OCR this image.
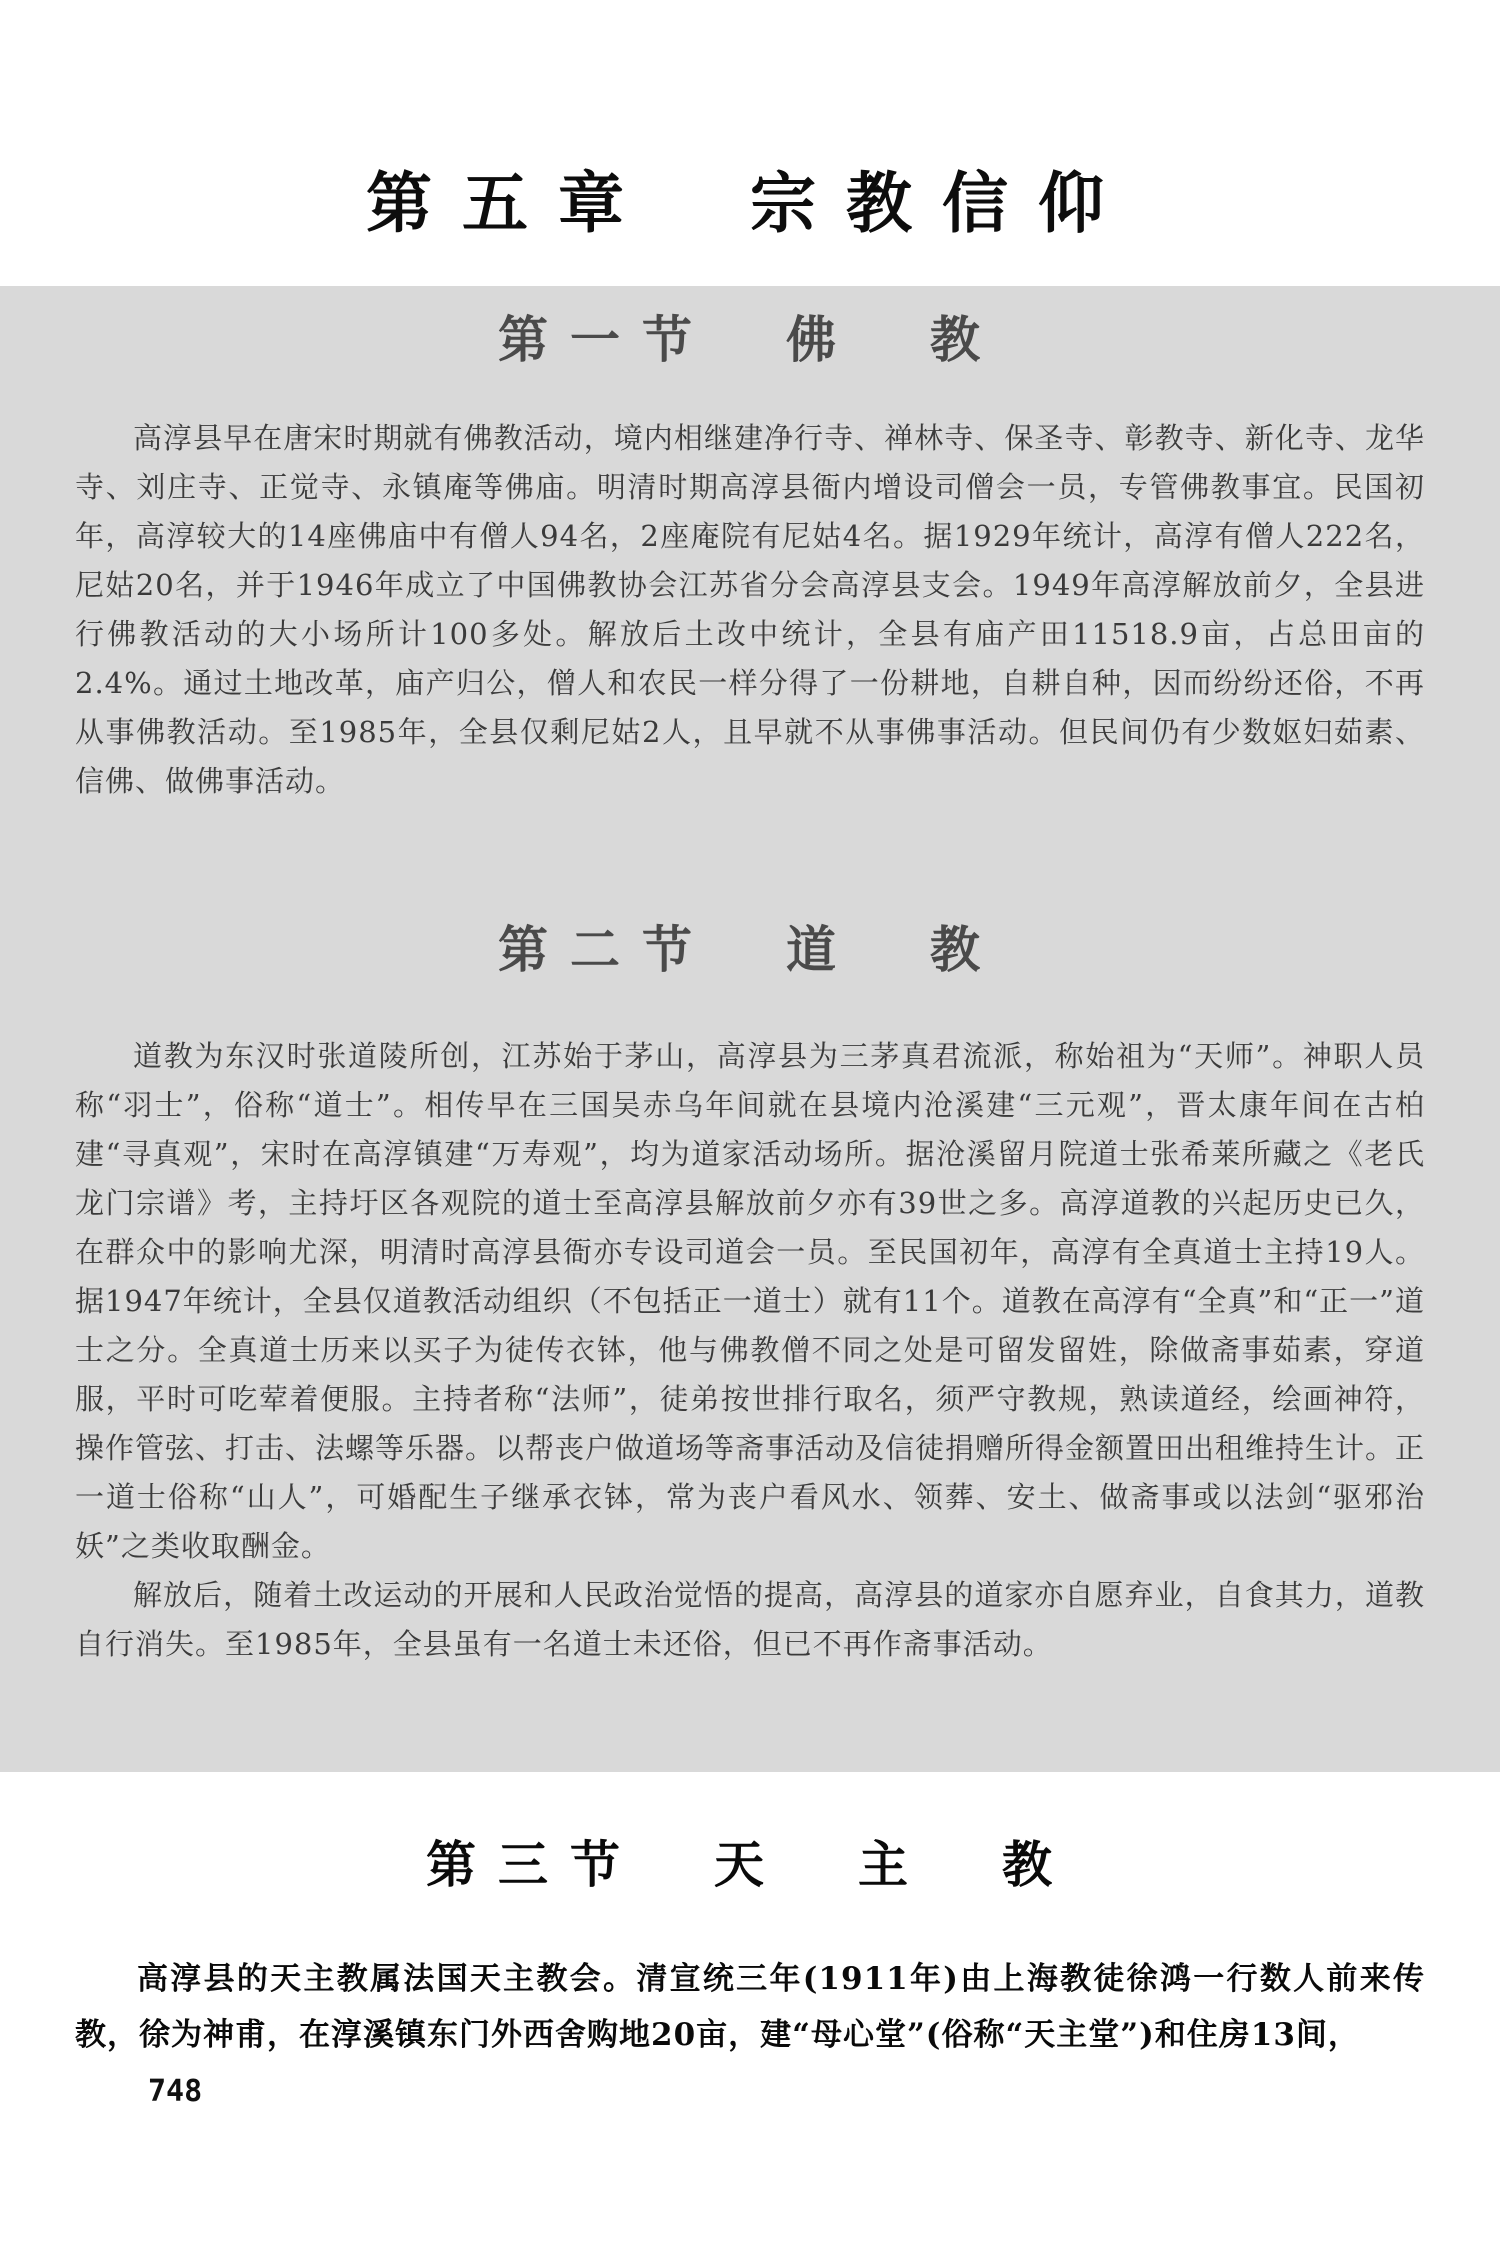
第五章　宗教信仰
第一节　佛　教

高淳县早在唐宋时期就有佛教活动，境内相继建净行寺、禅林寺、保圣寺、彰教寺、新化寺、龙华寺、刘庄寺、正觉寺、永镇庵等佛庙。明清时期高淳县衙内增设司僧会一员，专管佛教事宜。民国初年，高淳较大的14座佛庙中有僧人94名，2座庵院有尼姑4名。据1929年统计，高淳有僧人222名，尼姑20名，并于1946年成立了中国佛教协会江苏省分会高淳县支会。1949年高淳解放前夕，全县进行佛教活动的大小场所计100多处。解放后土改中统计，全县有庙产田11518.9亩，占总田亩的2.4%。通过土地改革，庙产归公，僧人和农民一样分得了一份耕地，自耕自种，因而纷纷还俗，不再从事佛教活动。至1985年，全县仅剩尼姑2人，且早就不从事佛事活动。但民间仍有少数妪妇茹素、信佛、做佛事活动。

第二节　道　教

道教为东汉时张道陵所创，江苏始于茅山，高淳县为三茅真君流派，称始祖为“天师”。神职人员称“羽士”，俗称“道士”。相传早在三国吴赤乌年间就在县境内沧溪建“三元观”，晋太康年间在古柏建“寻真观”，宋时在高淳镇建“万寿观”，均为道家活动场所。据沧溪留月院道士张希莱所藏之《老氏龙门宗谱》考，主持圩区各观院的道士至高淳县解放前夕亦有39世之多。高淳道教的兴起历史已久，在群众中的影响尤深，明清时高淳县衙亦专设司道会一员。至民国初年，高淳有全真道士主持19人。据1947年统计，全县仅道教活动组织（不包括正一道士）就有11个。道教在高淳有“全真”和“正一”道士之分。全真道士历来以买子为徒传衣钵，他与佛教僧不同之处是可留发留姓，除做斋事茹素，穿道服，平时可吃荤着便服。主持者称“法师”，徒弟按世排行取名，须严守教规，熟读道经，绘画神符，操作管弦、打击、法螺等乐器。以帮丧户做道场等斋事活动及信徒捐赠所得金额置田出租维持生计。正一道士俗称“山人”，可婚配生子继承衣钵，常为丧户看风水、领葬、安土、做斋事或以法剑“驱邪治妖”之类收取酬金。

解放后，随着土改运动的开展和人民政治觉悟的提高，高淳县的道家亦自愿弃业，自食其力，道教自行消失。至1985年，全县虽有一名道士未还俗，但已不再作斋事活动。

第三节　天　主　教

高淳县的天主教属法国天主教会。清宣统三年(1911年)由上海教徒徐鸿一行数人前来传教，徐为神甫，在淳溪镇东门外西舍购地20亩，建“母心堂”(俗称“天主堂”)和住房13间，

748
